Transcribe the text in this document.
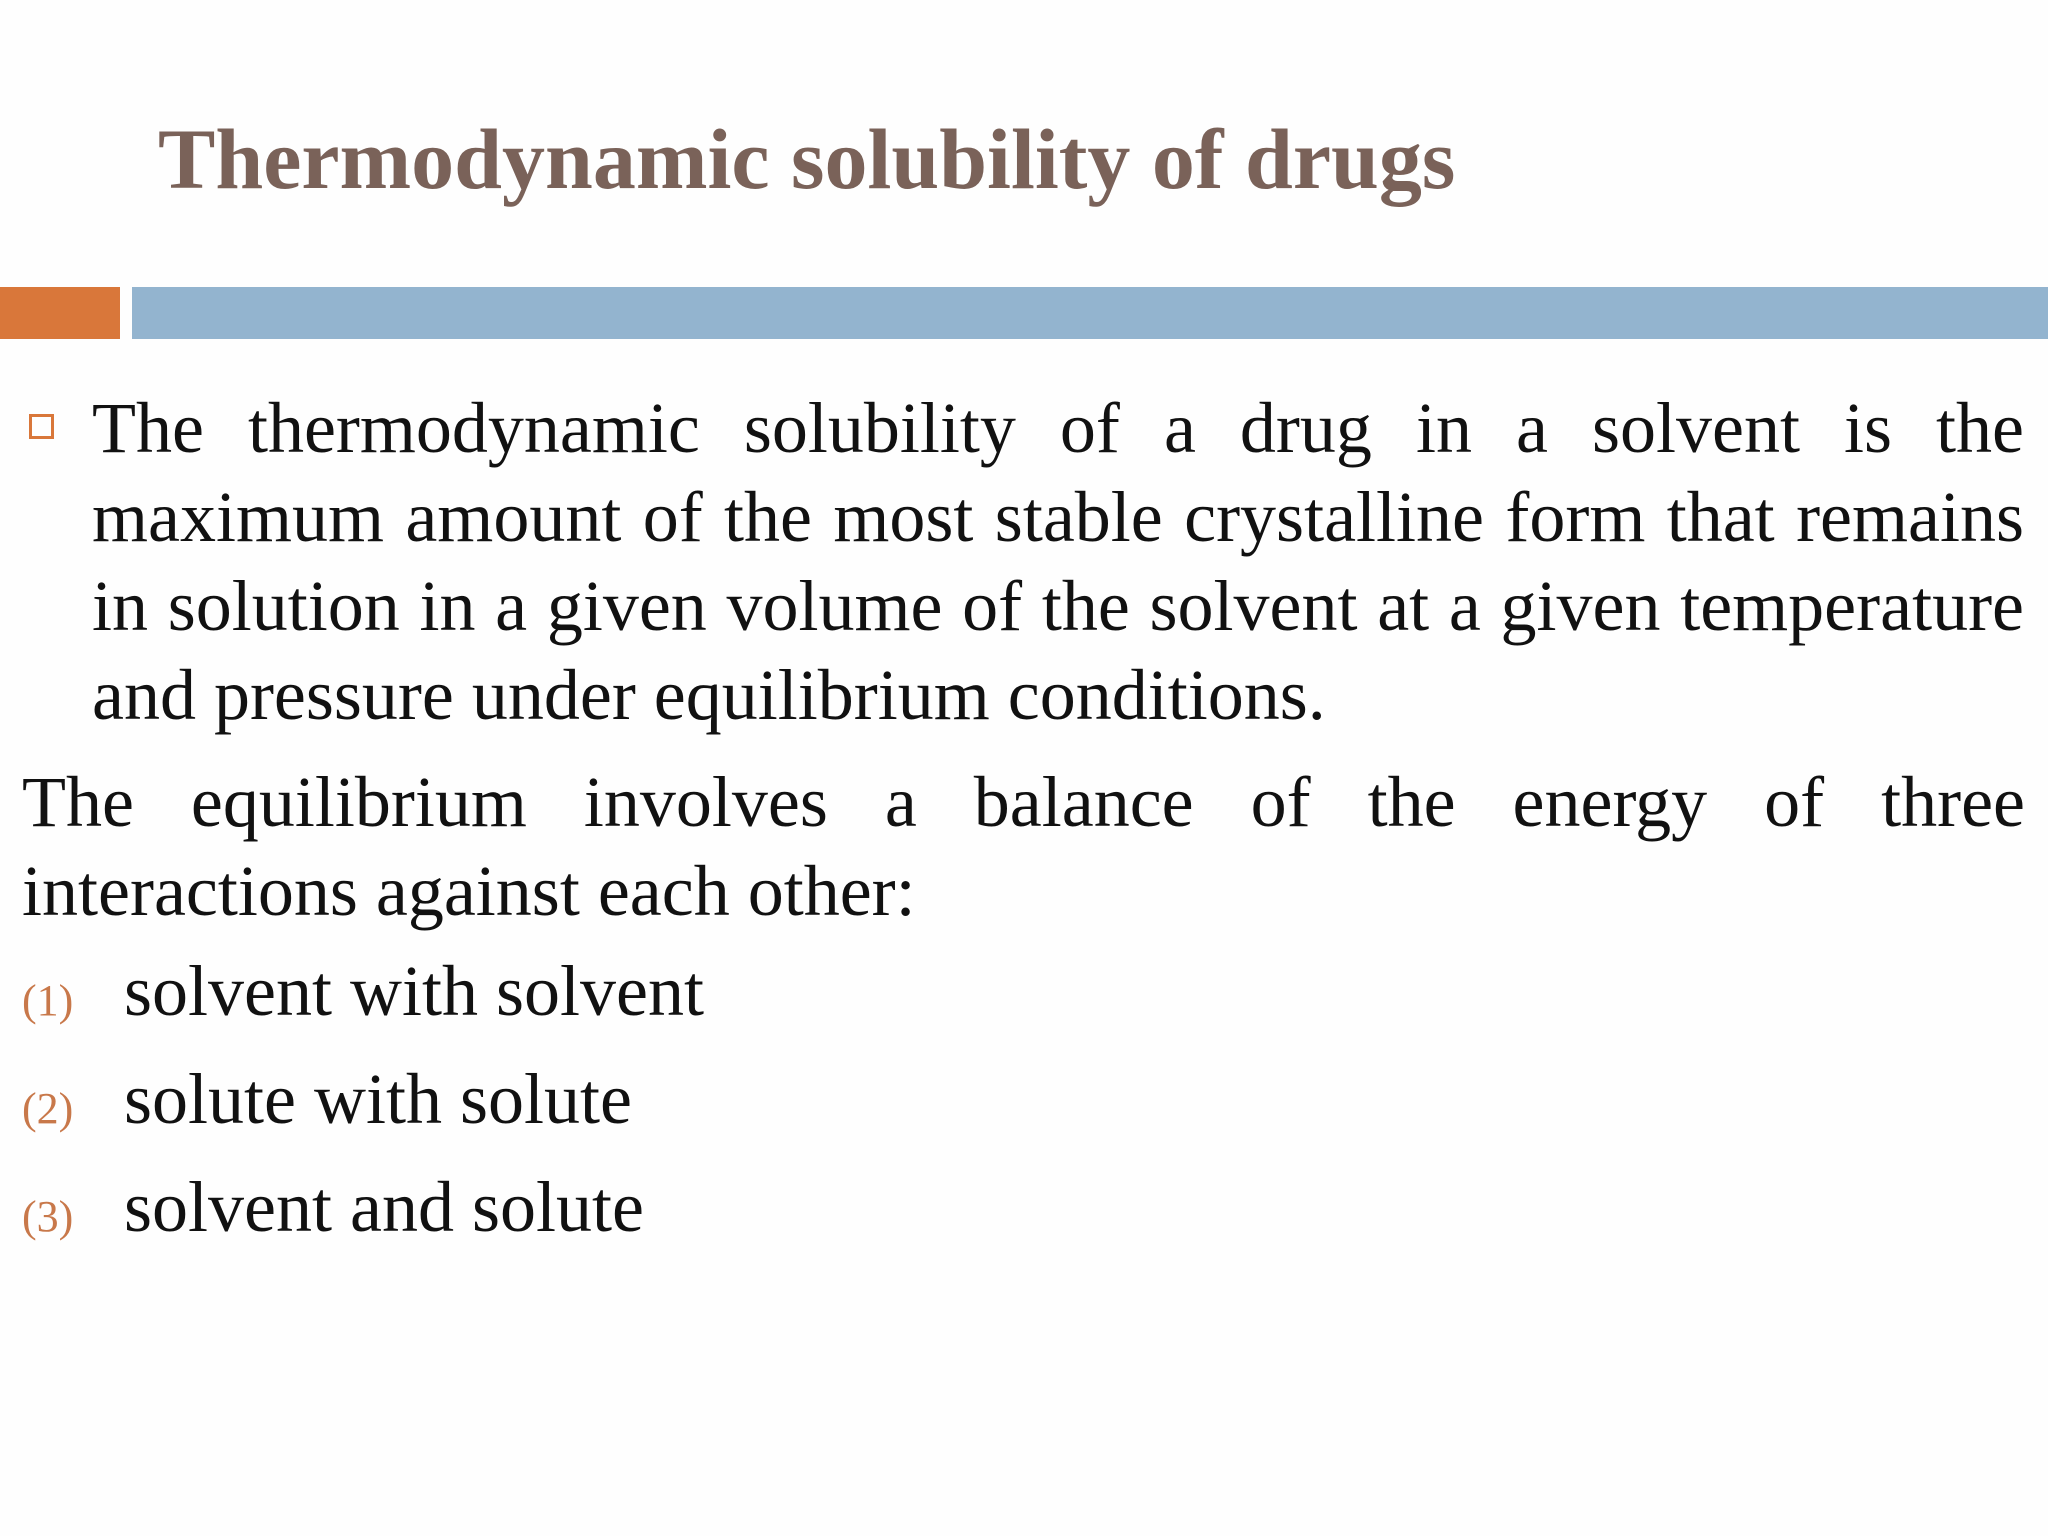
Thermodynamic solubility of drugs

The thermodynamic solubility of a drug in a solvent is the maximum amount of the most stable crystalline form that remains in solution in a given volume of the solvent at a given temperature and pressure under equilibrium conditions.

The equilibrium involves a balance of the energy of three interactions against each other:

(1) solvent with solvent
(2) solute with solute
(3) solvent and solute
